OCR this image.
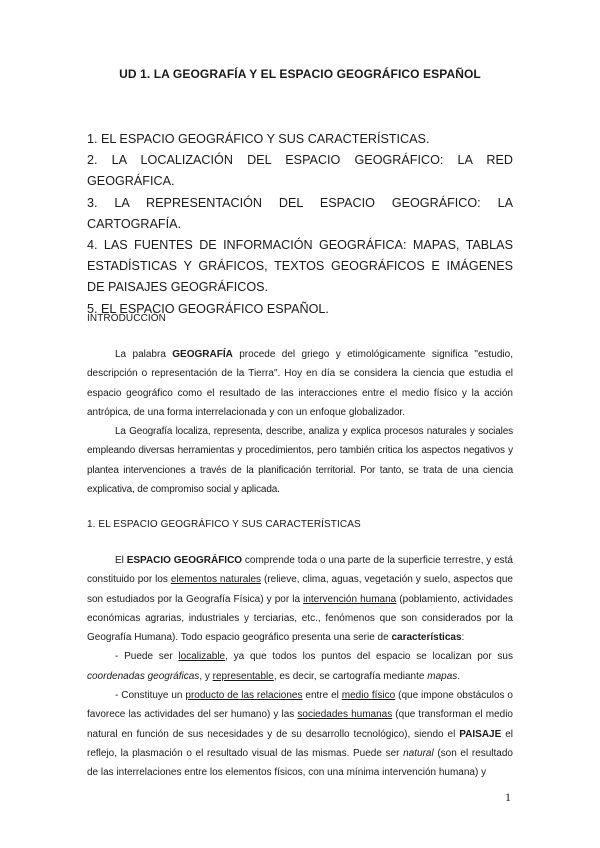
UD 1. LA GEOGRAFÍA Y EL ESPACIO GEOGRÁFICO ESPAÑOL
1. EL ESPACIO GEOGRÁFICO Y SUS CARACTERÍSTICAS.
2. LA LOCALIZACIÓN DEL ESPACIO GEOGRÁFICO: LA RED GEOGRÁFICA.
3. LA REPRESENTACIÓN DEL ESPACIO GEOGRÁFICO: LA CARTOGRAFÍA.
4. LAS FUENTES DE INFORMACIÓN GEOGRÁFICA: MAPAS, TABLAS ESTADÍSTICAS Y GRÁFICOS, TEXTOS GEOGRÁFICOS E IMÁGENES DE PAISAJES GEOGRÁFICOS.
5. EL ESPACIO GEOGRÁFICO ESPAÑOL.
INTRODUCCIÓN

La palabra GEOGRAFÍA procede del griego y etimológicamente significa "estudio, descripción o representación de la Tierra". Hoy en día se considera la ciencia que estudia el espacio geográfico como el resultado de las interacciones entre el medio físico y la acción antrópica, de una forma interrelacionada y con un enfoque globalizador.

La Geografía localiza, representa, describe, analiza y explica procesos naturales y sociales empleando diversas herramientas y procedimientos, pero también critica los aspectos negativos y plantea intervenciones a través de la planificación territorial. Por tanto, se trata de una ciencia explicativa, de compromiso social y aplicada.

1. EL ESPACIO GEOGRÁFICO Y SUS CARACTERÍSTICAS

El ESPACIO GEOGRÁFICO comprende toda o una parte de la superficie terrestre, y está constituido por los elementos naturales (relieve, clima, aguas, vegetación y suelo, aspectos que son estudiados por la Geografía Física) y por la intervención humana (poblamiento, actividades económicas agrarias, industriales y terciarias, etc., fenómenos que son considerados por la Geografía Humana). Todo espacio geográfico presenta una serie de características:

- Puede ser localizable, ya que todos los puntos del espacio se localizan por sus coordenadas geográficas, y representable, es decir, se cartografía mediante mapas.

- Constituye un producto de las relaciones entre el medio físico (que impone obstáculos o favorece las actividades del ser humano) y las sociedades humanas (que transforman el medio natural en función de sus necesidades y de su desarrollo tecnológico), siendo el PAISAJE el reflejo, la plasmación o el resultado visual de las mismas. Puede ser natural (son el resultado de las interrelaciones entre los elementos físicos, con una mínima intervención humana) y

1
